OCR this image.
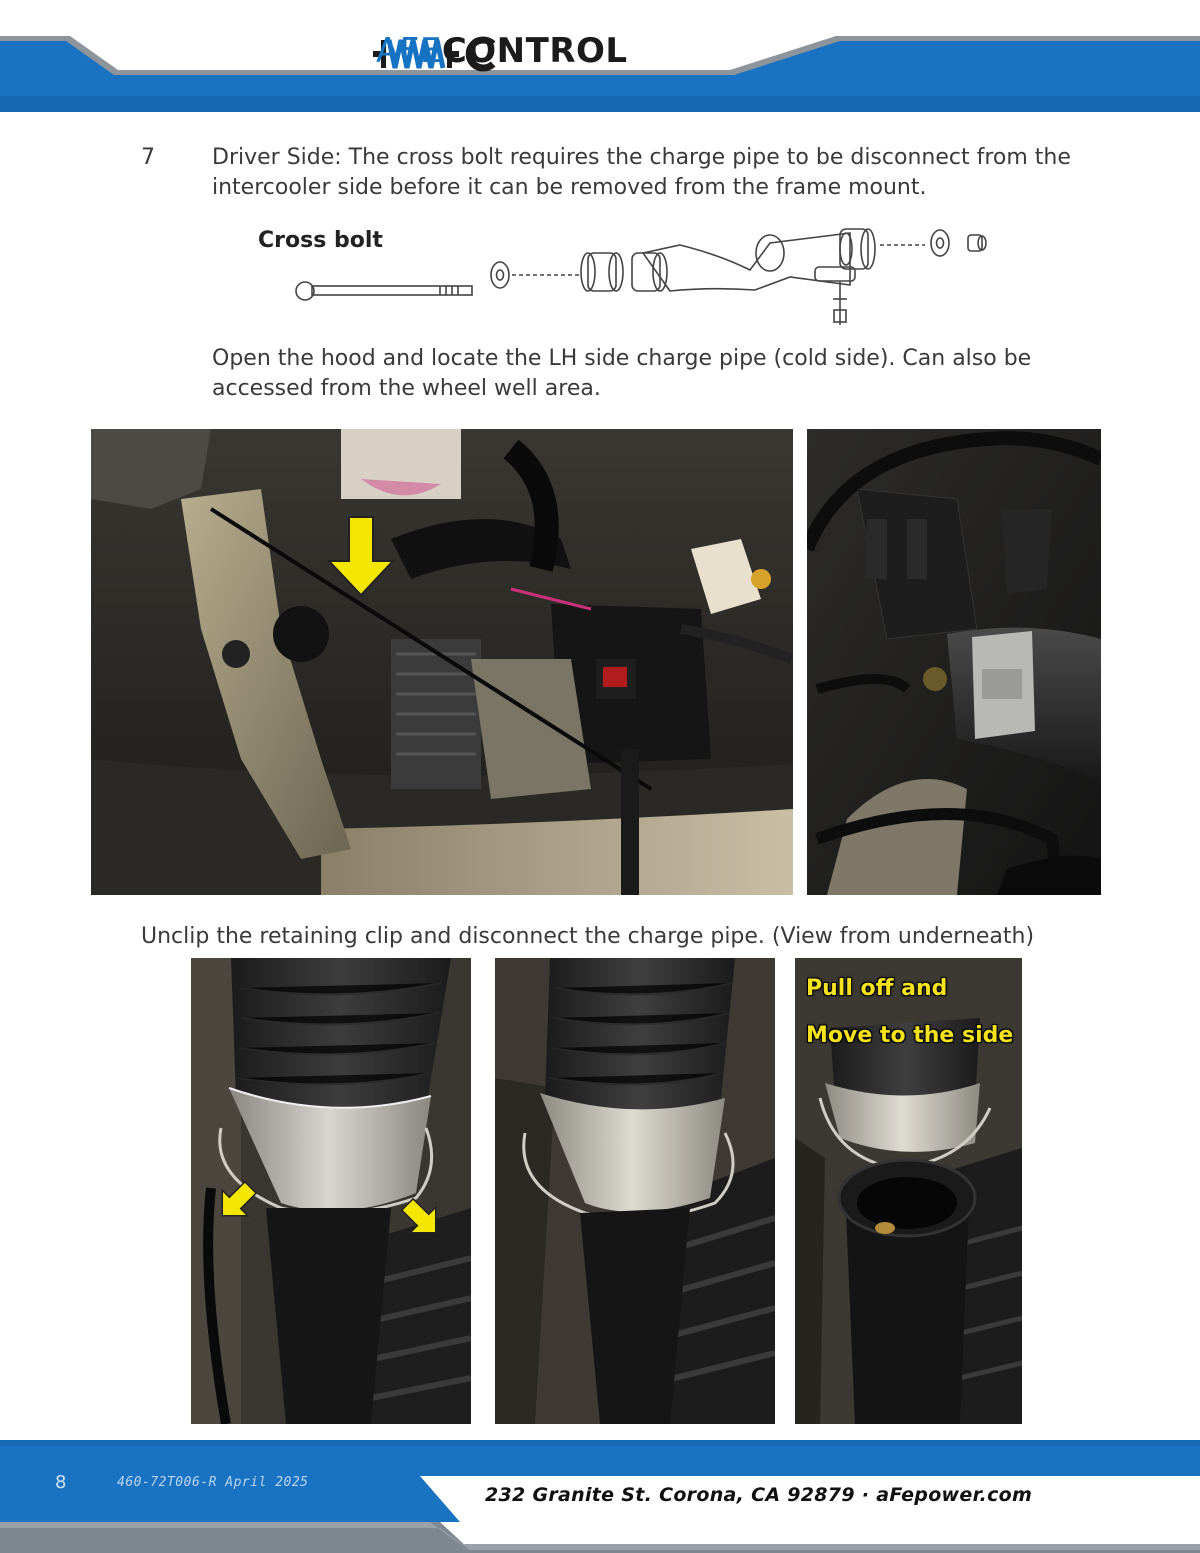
AFECONTROL
7	Driver Side: The cross bolt requires the charge pipe to be disconnect from the intercooler side before it can be removed from the frame mount.
Cross bolt
Open the hood and locate the LH side charge pipe (cold side). Can also be accessed from the wheel well area.
Unclip the retaining clip and disconnect the charge pipe. (View from underneath)
Pull off and
Move to the side
8	460-72T006-R April 2025
232 Granite St. Corona, CA 92879 · aFepower.com
